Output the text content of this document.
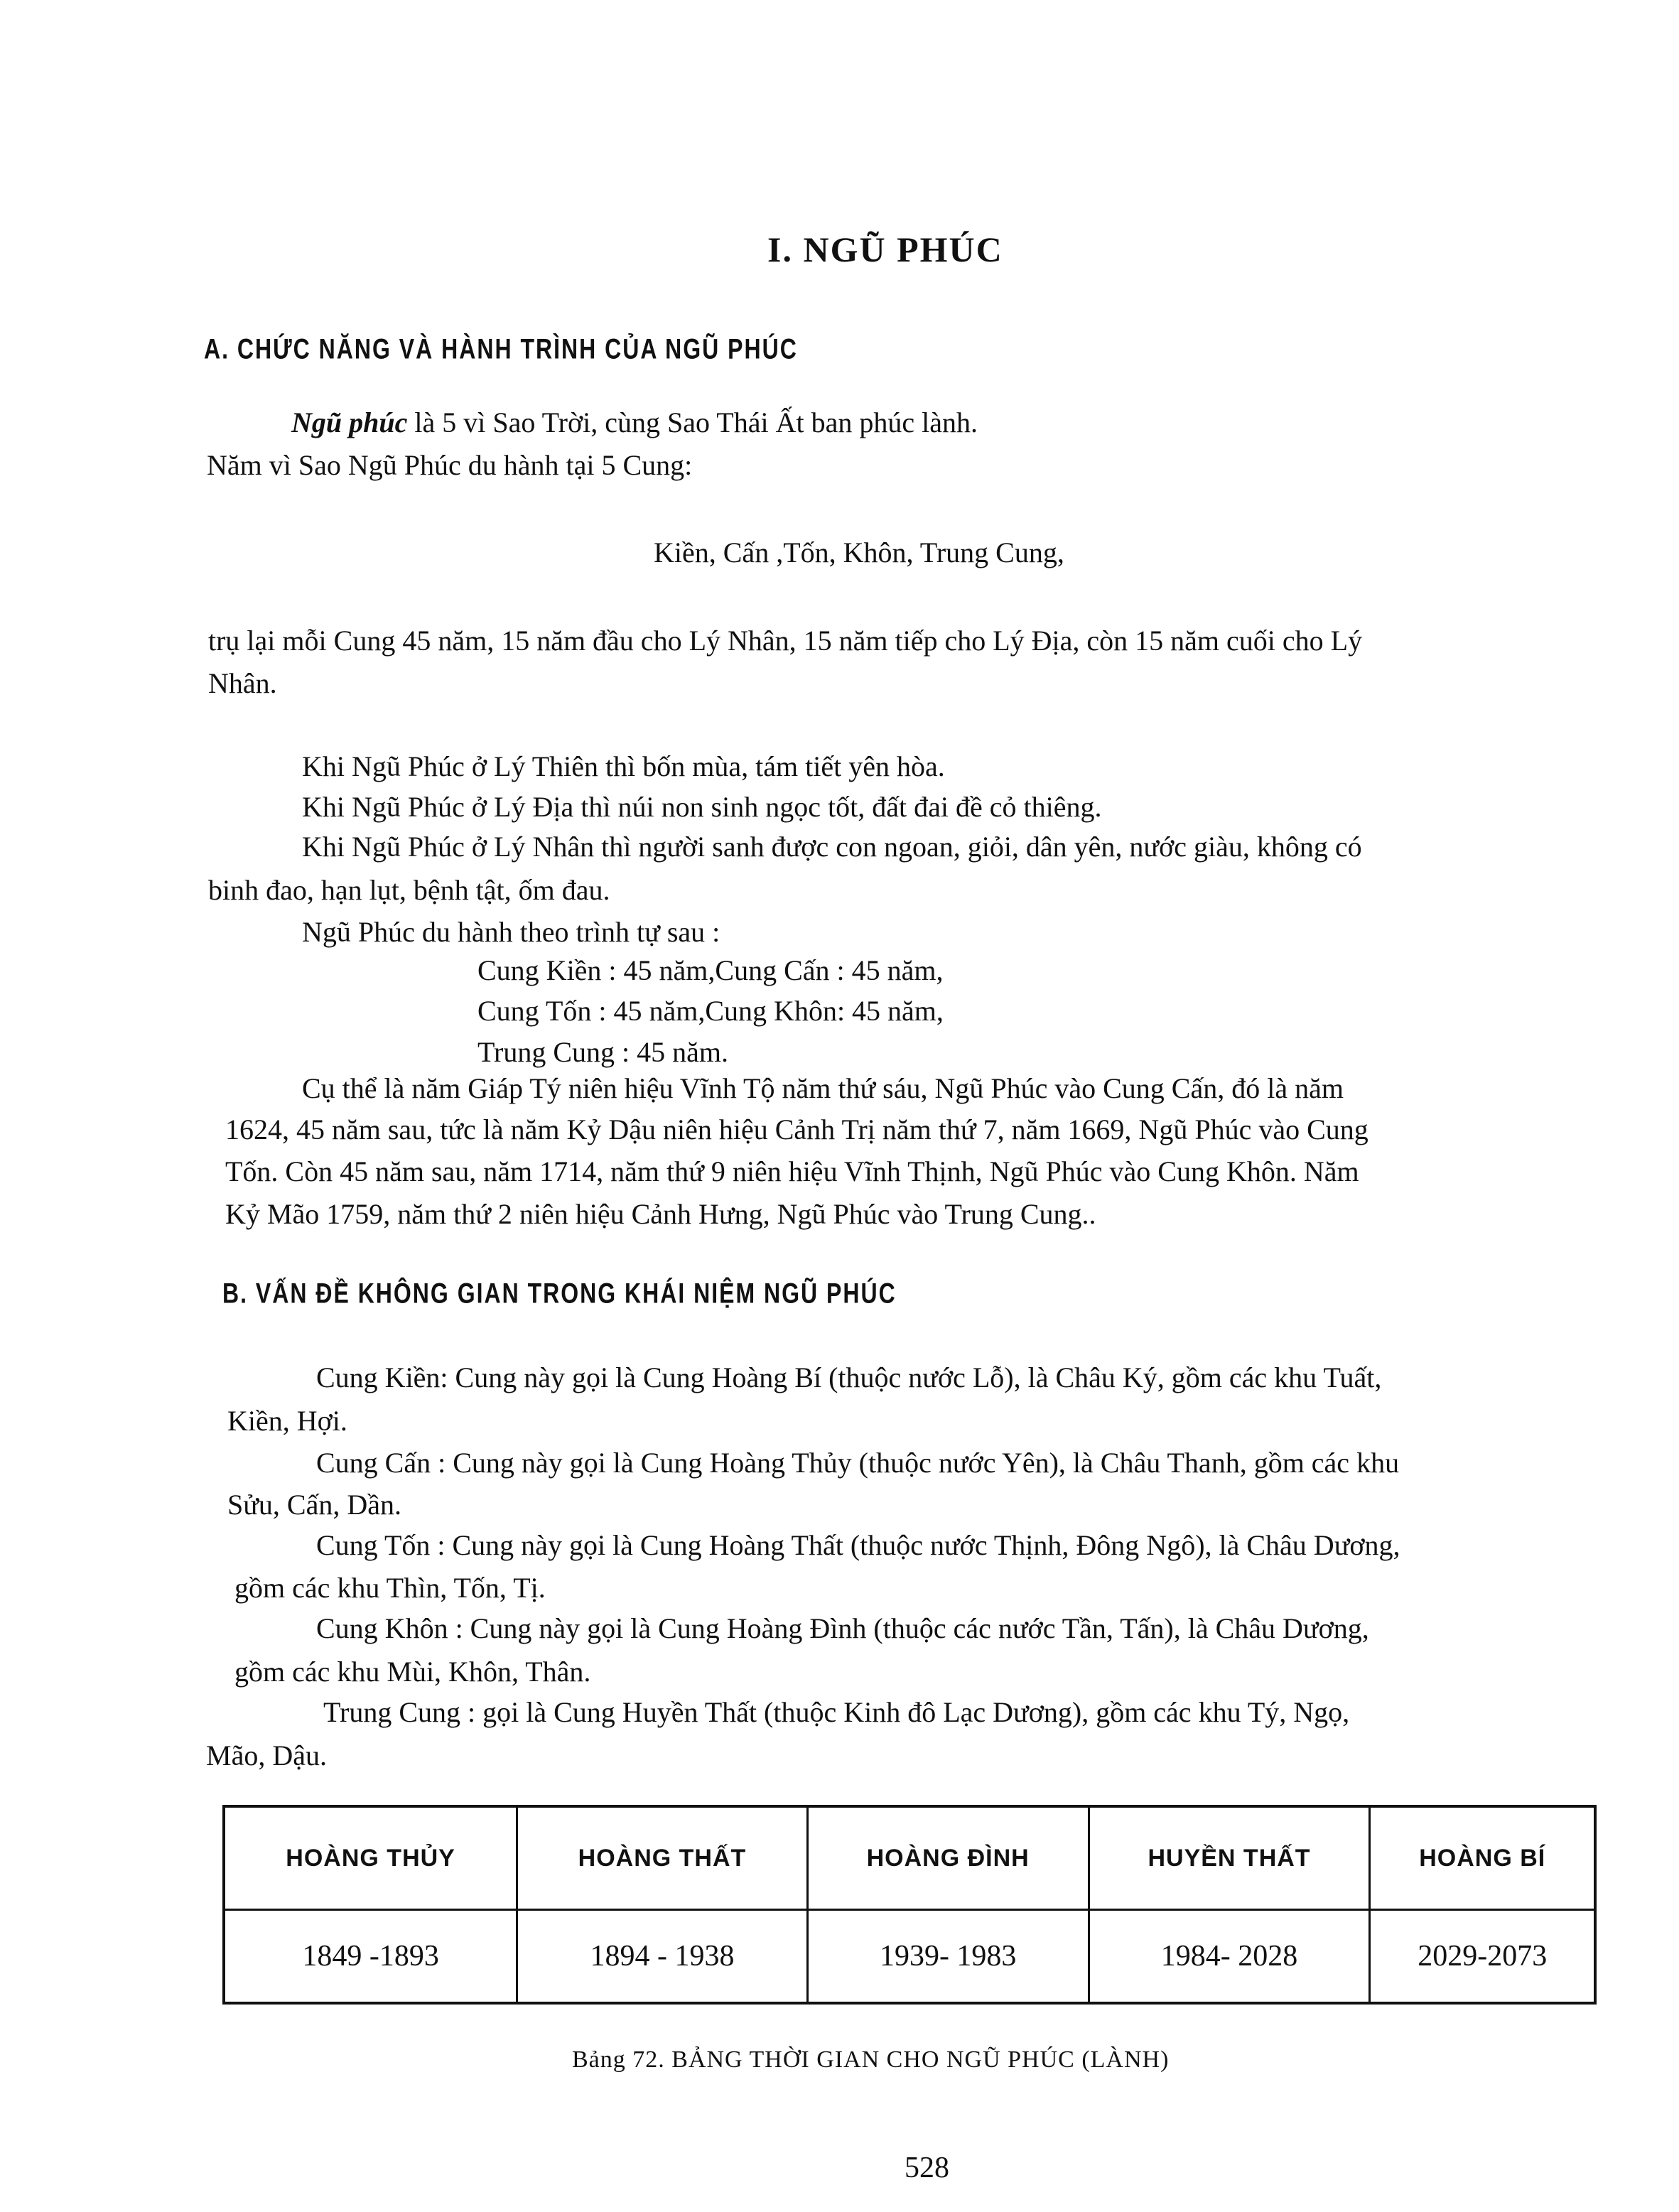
I. NGŨ PHÚC
A. CHỨC NĂNG VÀ HÀNH TRÌNH CỦA NGŨ PHÚC
Ngũ phúc là 5 vì Sao Trời, cùng Sao Thái Ất ban phúc lành.
Năm vì Sao Ngũ Phúc du hành tại 5 Cung:
Kiền, Cấn ,Tốn, Khôn, Trung Cung,
trụ lại mỗi Cung 45 năm, 15 năm đầu cho Lý Nhân, 15 năm tiếp cho Lý Địa, còn 15 năm cuối cho Lý
Nhân.
Khi Ngũ Phúc ở Lý Thiên thì bốn mùa, tám tiết yên hòa.
Khi Ngũ Phúc ở Lý Địa thì núi non sinh ngọc tốt, đất đai đề cỏ thiêng.
Khi Ngũ Phúc ở Lý Nhân thì người sanh được con ngoan, giỏi, dân yên, nước giàu, không có
binh đao, hạn lụt, bệnh tật, ốm đau.
Ngũ Phúc du hành theo trình tự sau :
Cung Kiền : 45 năm,Cung Cấn : 45 năm,
Cung Tốn : 45 năm,Cung Khôn: 45 năm,
Trung Cung : 45 năm.
Cụ thể là năm Giáp Tý niên hiệu Vĩnh Tộ năm thứ sáu, Ngũ Phúc vào Cung Cấn, đó là năm
1624, 45 năm sau, tức là năm Kỷ Dậu niên hiệu Cảnh Trị năm thứ 7, năm 1669, Ngũ Phúc vào Cung
Tốn. Còn 45 năm sau, năm 1714, năm thứ 9 niên hiệu Vĩnh Thịnh, Ngũ Phúc vào Cung Khôn. Năm
Kỷ Mão 1759, năm thứ 2 niên hiệu Cảnh Hưng, Ngũ Phúc vào Trung Cung..
B. VẤN ĐỀ KHÔNG GIAN TRONG KHÁI NIỆM NGŨ PHÚC
Cung Kiền: Cung này gọi là Cung Hoàng Bí (thuộc nước Lỗ), là Châu Ký, gồm các khu Tuất,
Kiền, Hợi.
Cung Cấn : Cung này gọi là Cung Hoàng Thủy (thuộc nước Yên), là Châu Thanh, gồm các khu
Sửu, Cấn, Dần.
Cung Tốn : Cung này gọi là Cung Hoàng Thất (thuộc nước Thịnh, Đông Ngô), là Châu Dương,
gồm các khu Thìn, Tốn, Tị.
Cung Khôn : Cung này gọi là Cung Hoàng Đình (thuộc các nước Tần, Tấn), là Châu Dương,
gồm các khu Mùi, Khôn, Thân.
Trung Cung : gọi là Cung Huyền Thất (thuộc Kinh đô Lạc Dương), gồm các khu Tý, Ngọ,
Mão, Dậu.
HOÀNG THỦY	HOÀNG THẤT	HOÀNG ĐÌNH	HUYỀN THẤT	HOÀNG BÍ
1849 -1893	1894 - 1938	1939- 1983	1984- 2028	2029-2073
Bảng 72. BẢNG THỜI GIAN CHO NGŨ PHÚC (LÀNH)
528
